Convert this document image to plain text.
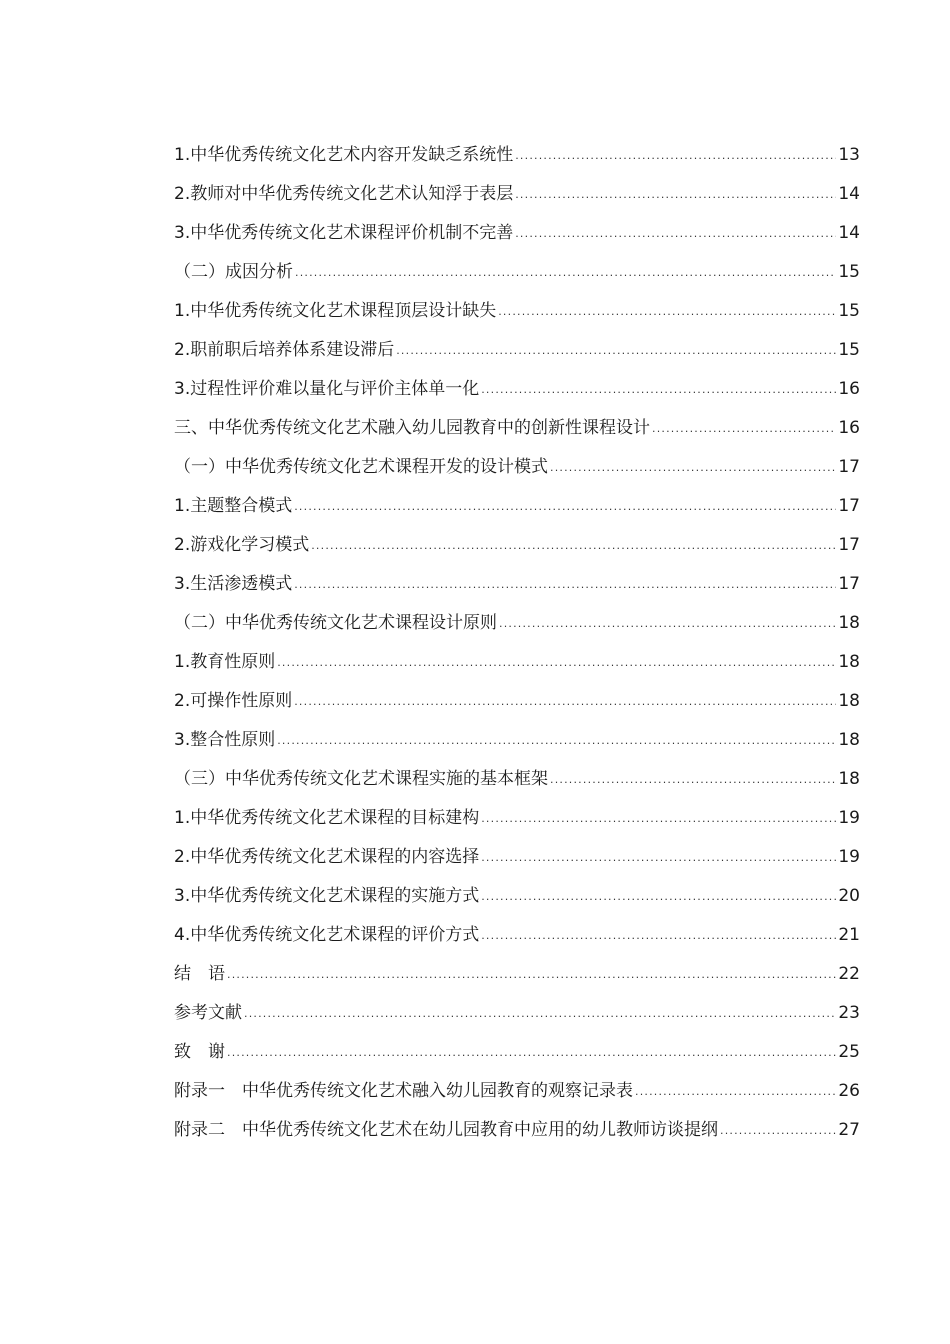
1.中华优秀传统文化艺术内容开发缺乏系统性 .....	13
2.教师对中华优秀传统文化艺术认知浮于表层 .....	14
3.中华优秀传统文化艺术课程评价机制不完善 .....	14
（二）成因分析 .....	15
1.中华优秀传统文化艺术课程顶层设计缺失 .....	15
2.职前职后培养体系建设滞后 .....	15
3.过程性评价难以量化与评价主体单一化 .....	16
三、中华优秀传统文化艺术融入幼儿园教育中的创新性课程设计 .....	16
（一）中华优秀传统文化艺术课程开发的设计模式 .....	17
1.主题整合模式 .....	17
2.游戏化学习模式 .....	17
3.生活渗透模式 .....	17
（二）中华优秀传统文化艺术课程设计原则 .....	18
1.教育性原则 .....	18
2.可操作性原则 .....	18
3.整合性原则 .....	18
（三）中华优秀传统文化艺术课程实施的基本框架 .....	18
1.中华优秀传统文化艺术课程的目标建构 .....	19
2.中华优秀传统文化艺术课程的内容选择 .....	19
3.中华优秀传统文化艺术课程的实施方式 .....	20
4.中华优秀传统文化艺术课程的评价方式 .....	21
结　语 .....	22
参考文献 .....	23
致　谢 .....	25
附录一　中华优秀传统文化艺术融入幼儿园教育的观察记录表 .....	26
附录二　中华优秀传统文化艺术在幼儿园教育中应用的幼儿教师访谈提纲 .....	27
